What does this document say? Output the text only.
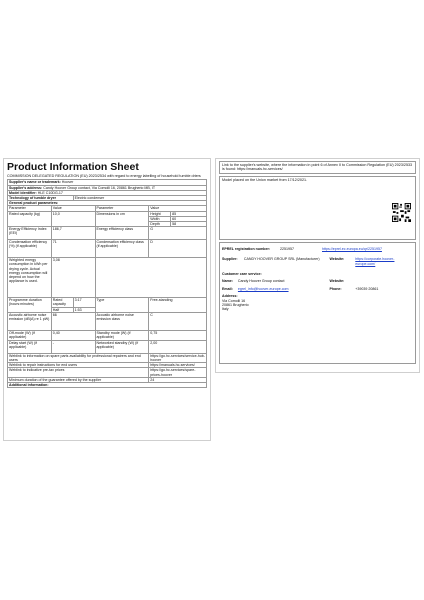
Product Information Sheet
COMMISSION DELEGATED REGULATION (EU) 2023/2534 with regard to energy labelling of household tumble driers
Supplier's name or trademark: Hoover					
Supplier's address: Candy Hoover Group contact, Via Comolli 16, 20861 Brugherio MB, IT					
Model identifier: HLE C10DG-17					
Technology of tumble dryer		Electric condenser			
General product parameters:					
Parameter	Value		Parameter	Value	
Rated capacity (kg)	10,0		Dimensions in cm	Height	85
				Width	60
				Depth	58
Energy Efficiency Index (EEI)	186,7		Energy efficiency class	G	
Condensation efficiency (%) (if applicable)	71		Condensation efficiency class (if applicable)	D	
Weighted energy consumption in kWh per drying cycle. Actual energy consumption will depend on how the appliance is used.	3,08				
Programme duration (hours:minutes)	Rated capacity	3:17	Type	Free-standing	
	Half	1:53			
Acoustic airborne noise emission (dB(A) re 1 pW)	66		Acoustic airborne noise emission class	C	
Off-mode (W) (if applicable)	0,40		Standby mode (W) (if applicable)	0,75	
Delay start (W) (if applicable)	-		Networked standby (W) (if applicable)	2,00	
Weblink to information on spare parts availability for professional repairers and end users				https://go.hc-services/service-hub-hoover	
Weblink to repair instructions for end users				https://manuals.hc-services/	
Weblink to indicative pre-tax prices				https://go.hc-services/spare-prices-hoover	
Minimum duration of the guarantee offered by the supplier				24	
Additional information:					
Link to the supplier's website, where the information in point 6 of Annex II to Commission Regulation (EU) 2023/2533 is found: https://manuals.hc-services/
Model placed on the Union market from 17/12/2021.
EPREL registration number:	2251957	https://eprel.ec.europa.eu/qr/2251957
Supplier:	CANDY HOOVER GROUP SRL (Manufacturer)	Website:	https://corporate.hoover-europe.com/
Customer care service:
Name:	Candy Hoover Group contact	Website:
Email:	egrel_info@hoover-europe.com	Phone:	+39039 20861
Address:
Via Comolli 16
20861 Brugherio
Italy
